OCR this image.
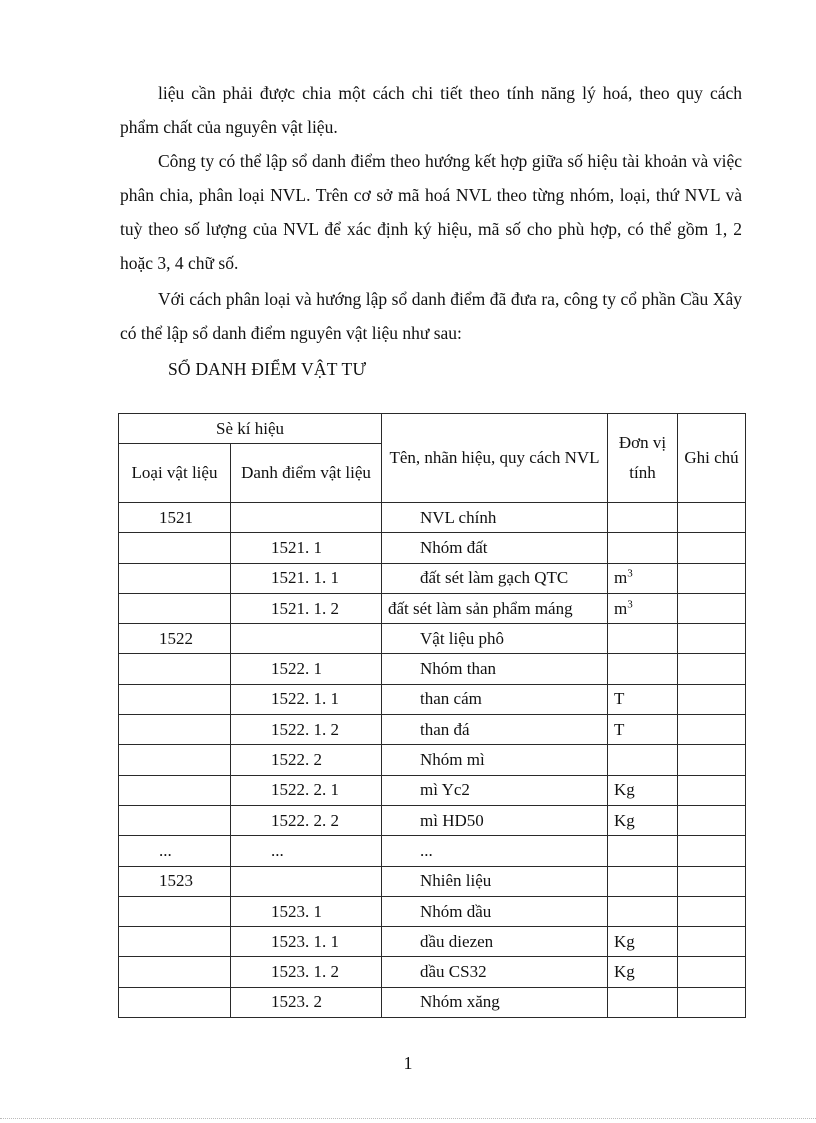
liệu cần phải được chia một cách chi tiết theo tính năng lý hoá, theo quy cách phẩm chất của nguyên vật liệu.

Công ty có thể lập sổ danh điểm theo hướng kết hợp giữa số hiệu tài khoản và việc phân chia, phân loại NVL. Trên cơ sở mã hoá NVL theo từng nhóm, loại, thứ NVL và tuỳ theo số lượng của NVL để xác định ký hiệu, mã số cho phù hợp, có thể gồm 1, 2 hoặc 3, 4 chữ số.

Với cách phân loại và hướng lập sổ danh điểm đã đưa ra, công ty cổ phần Cầu Xây có thể lập sổ danh điểm nguyên vật liệu như sau:

SỔ DANH ĐIỂM VẬT TƯ

Sè kí hiệu		Tên, nhãn hiệu, quy cách NVL	Đơn vị tính	Ghi chú
Loại vật liệu	Danh điểm vật liệu			
1521		NVL chính		
	1521. 1	Nhóm đất		
	1521. 1. 1	đất sét làm gạch QTC	$m^3$	
	1521. 1. 2	đất sét làm sản phẩm máng	$m^3$	
1522		Vật liệu phô		
	1522. 1	Nhóm than		
	1522. 1. 1	than cám	T	
	1522. 1. 2	than đá	T	
	1522. 2	Nhóm mì		
	1522. 2. 1	mì Yc2	Kg	
	1522. 2. 2	mì HD50	Kg	
...	...	...		
1523		Nhiên liệu		
	1523. 1	Nhóm dầu		
	1523. 1. 1	dầu diezen	Kg	
	1523. 1. 2	dầu CS32	Kg	
	1523. 2	Nhóm xăng		
1
